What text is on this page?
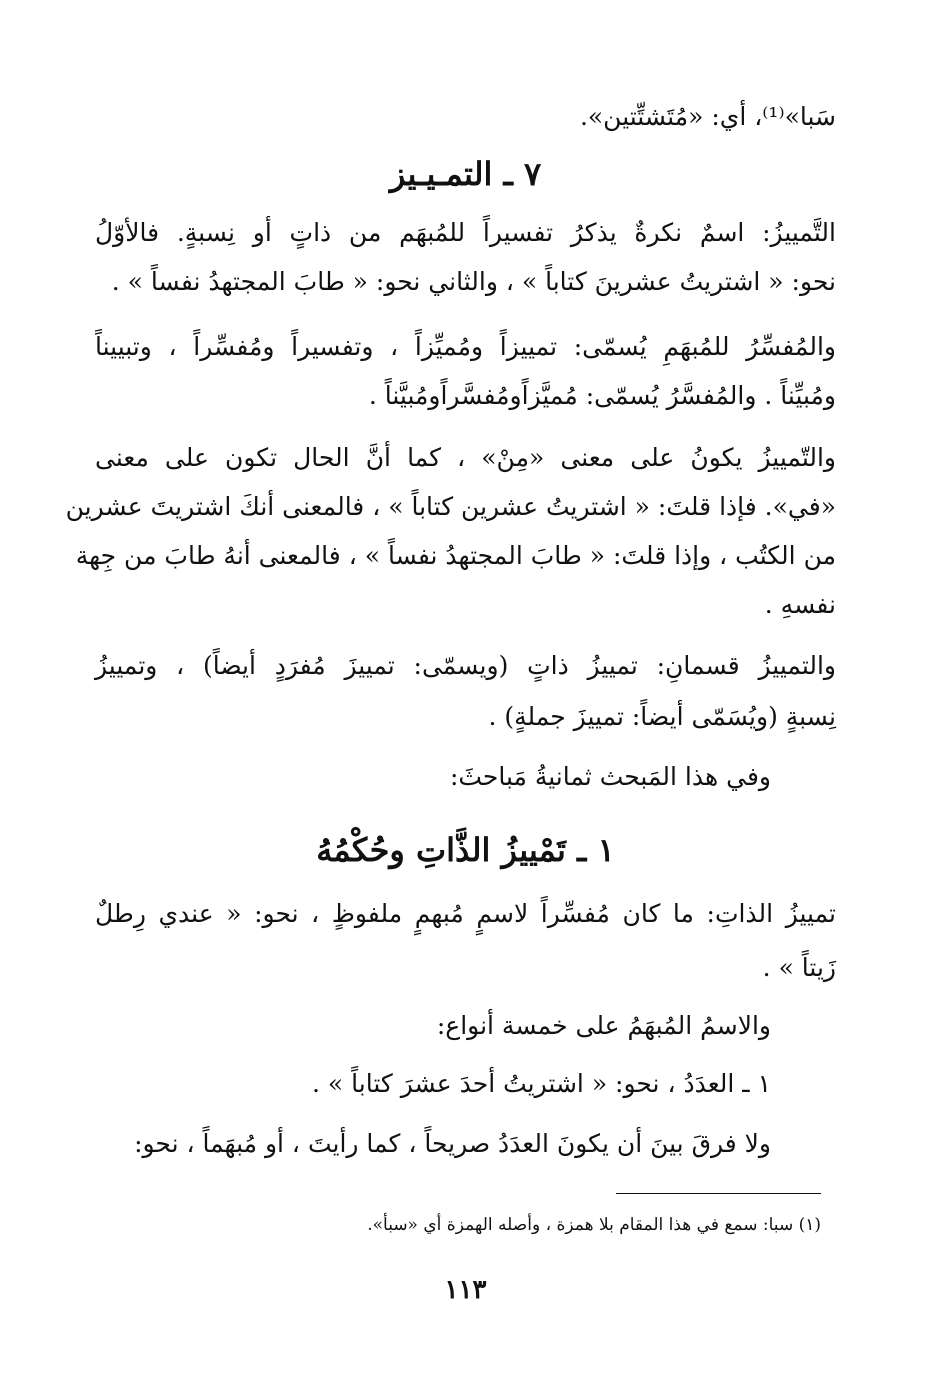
سَبا»⁽¹⁾، أي: «مُتَشتِّتين».
٧ ـ التمـيـيز
التَّمييزُ: اسمٌ نكرةٌ يذكرُ تفسيراً للمُبهَم من ذاتٍ أو نِسبةٍ. فالأوّلُ
نحو: « اشتريتُ عشرينَ كتاباً » ، والثاني نحو: « طابَ المجتهدُ نفساً » .
والمُفسِّرُ للمُبهَمِ يُسمّى: تمييزاً ومُميِّزاً ، وتفسيراً ومُفسِّراً ، وتبييناً
ومُبيِّناً . والمُفسَّرُ يُسمّى: مُميَّزاًومُفسَّراًومُبيَّناً .
والتّمييزُ يكونُ على معنى «مِنْ» ، كما أنَّ الحال تكون على معنى
«في». فإذا قلتَ: « اشتريتُ عشرين كتاباً » ، فالمعنى أنكَ اشتريتَ عشرين
من الكتُب ، وإذا قلتَ: « طابَ المجتهدُ نفساً » ، فالمعنى أنهُ طابَ من جِهة
نفسهِ .
والتمييزُ قسمانِ: تمييزُ ذاتٍ (ويسمّى: تمييزَ مُفرَدٍ أيضاً) ، وتمييزُ
نِسبةٍ (ويُسَمّى أيضاً: تمييزَ جملةٍ) .
وفي هذا المَبحث ثمانيةُ مَباحثَ:
١ ـ تَمْييزُ الذَّاتِ وحُكْمُهُ
تمييزُ الذاتِ: ما كان مُفسِّراً لاسمٍ مُبهمٍ ملفوظٍ ، نحو: « عندي رِطلٌ
زَيتاً » .
والاسمُ المُبهَمُ على خمسة أنواع:
١ ـ العدَدُ ، نحو: « اشتريتُ أحدَ عشرَ كتاباً » .
ولا فرقَ بينَ أن يكونَ العدَدُ صريحاً ، كما رأيتَ ، أو مُبهَماً ، نحو:
(١) سبا: سمع في هذا المقام بلا همزة ، وأصله الهمزة أي «سبأ».
١١٣
